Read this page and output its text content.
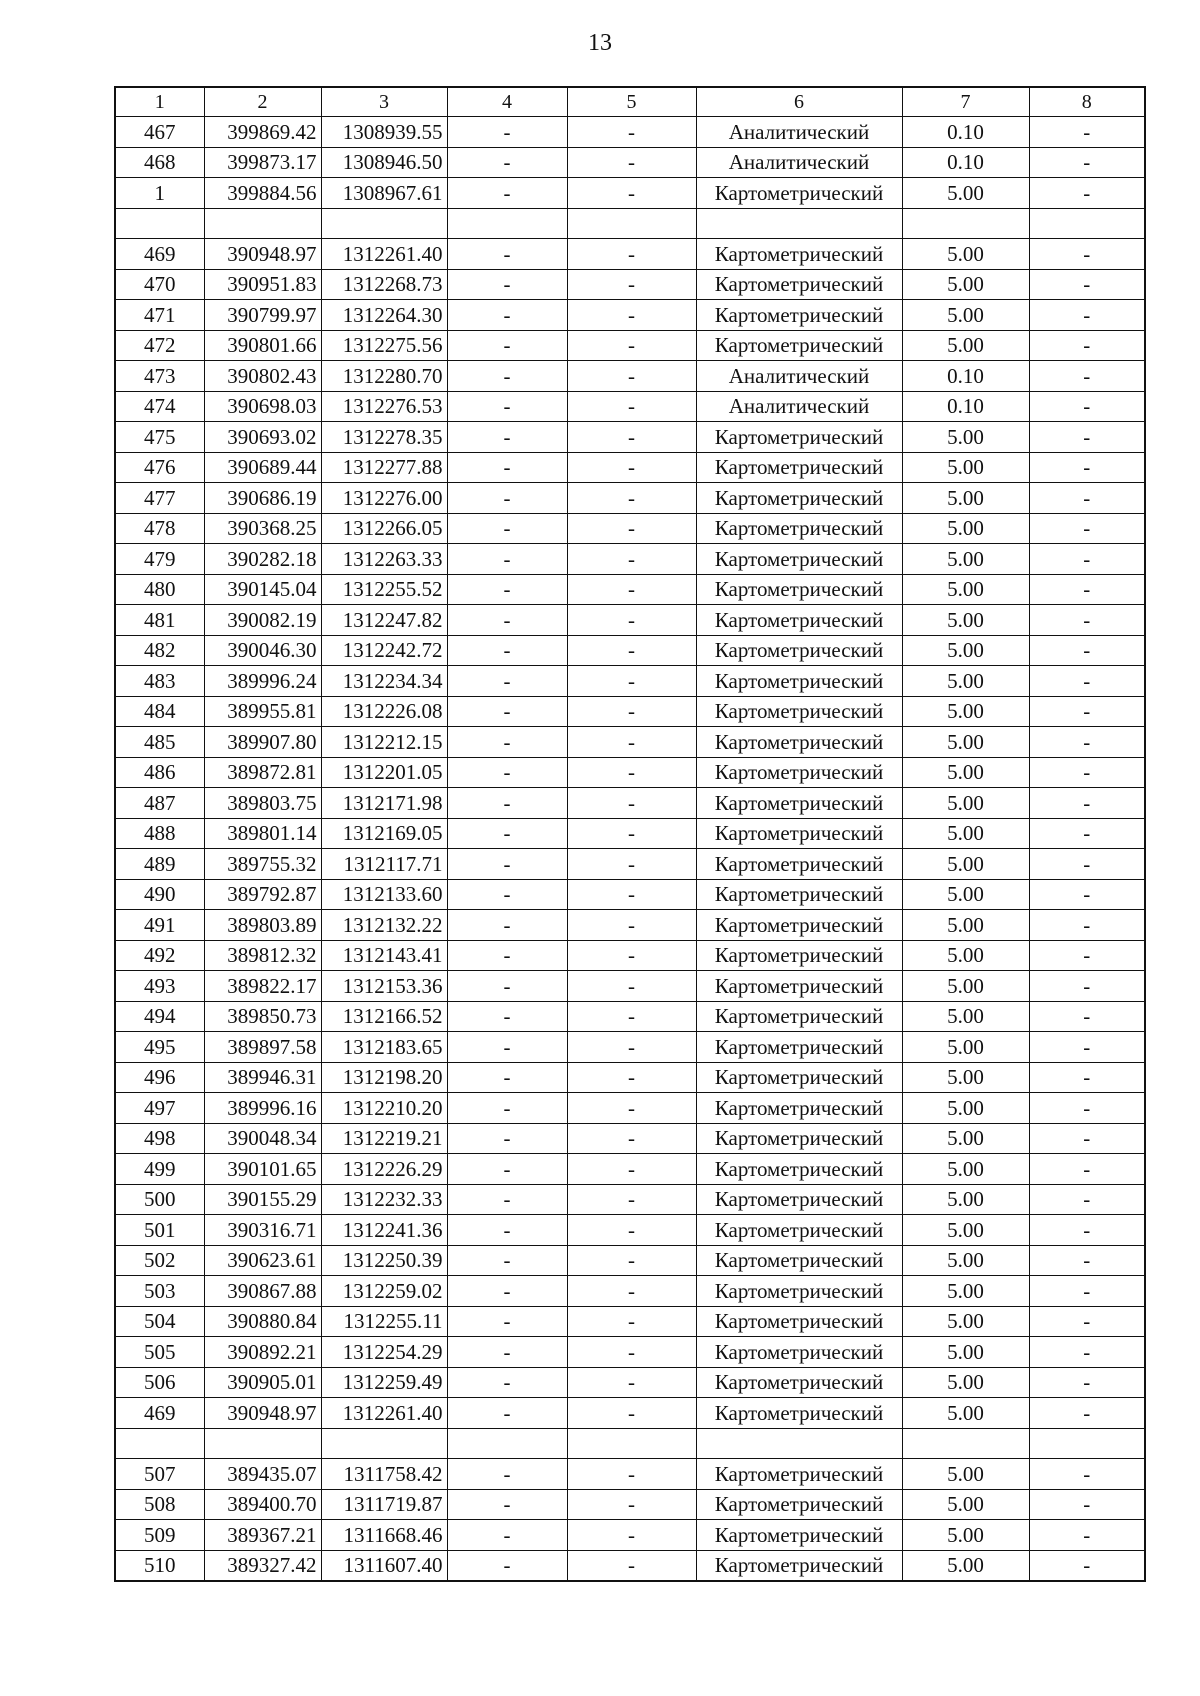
13
1	2	3	4	5	6	7	8
467	399869.42	1308939.55	-	-	Аналитический	0.10	-
468	399873.17	1308946.50	-	-	Аналитический	0.10	-
1	399884.56	1308967.61	-	-	Картометрический	5.00	-

469	390948.97	1312261.40	-	-	Картометрический	5.00	-
470	390951.83	1312268.73	-	-	Картометрический	5.00	-
471	390799.97	1312264.30	-	-	Картометрический	5.00	-
472	390801.66	1312275.56	-	-	Картометрический	5.00	-
473	390802.43	1312280.70	-	-	Аналитический	0.10	-
474	390698.03	1312276.53	-	-	Аналитический	0.10	-
475	390693.02	1312278.35	-	-	Картометрический	5.00	-
476	390689.44	1312277.88	-	-	Картометрический	5.00	-
477	390686.19	1312276.00	-	-	Картометрический	5.00	-
478	390368.25	1312266.05	-	-	Картометрический	5.00	-
479	390282.18	1312263.33	-	-	Картометрический	5.00	-
480	390145.04	1312255.52	-	-	Картометрический	5.00	-
481	390082.19	1312247.82	-	-	Картометрический	5.00	-
482	390046.30	1312242.72	-	-	Картометрический	5.00	-
483	389996.24	1312234.34	-	-	Картометрический	5.00	-
484	389955.81	1312226.08	-	-	Картометрический	5.00	-
485	389907.80	1312212.15	-	-	Картометрический	5.00	-
486	389872.81	1312201.05	-	-	Картометрический	5.00	-
487	389803.75	1312171.98	-	-	Картометрический	5.00	-
488	389801.14	1312169.05	-	-	Картометрический	5.00	-
489	389755.32	1312117.71	-	-	Картометрический	5.00	-
490	389792.87	1312133.60	-	-	Картометрический	5.00	-
491	389803.89	1312132.22	-	-	Картометрический	5.00	-
492	389812.32	1312143.41	-	-	Картометрический	5.00	-
493	389822.17	1312153.36	-	-	Картометрический	5.00	-
494	389850.73	1312166.52	-	-	Картометрический	5.00	-
495	389897.58	1312183.65	-	-	Картометрический	5.00	-
496	389946.31	1312198.20	-	-	Картометрический	5.00	-
497	389996.16	1312210.20	-	-	Картометрический	5.00	-
498	390048.34	1312219.21	-	-	Картометрический	5.00	-
499	390101.65	1312226.29	-	-	Картометрический	5.00	-
500	390155.29	1312232.33	-	-	Картометрический	5.00	-
501	390316.71	1312241.36	-	-	Картометрический	5.00	-
502	390623.61	1312250.39	-	-	Картометрический	5.00	-
503	390867.88	1312259.02	-	-	Картометрический	5.00	-
504	390880.84	1312255.11	-	-	Картометрический	5.00	-
505	390892.21	1312254.29	-	-	Картометрический	5.00	-
506	390905.01	1312259.49	-	-	Картометрический	5.00	-
469	390948.97	1312261.40	-	-	Картометрический	5.00	-

507	389435.07	1311758.42	-	-	Картометрический	5.00	-
508	389400.70	1311719.87	-	-	Картометрический	5.00	-
509	389367.21	1311668.46	-	-	Картометрический	5.00	-
510	389327.42	1311607.40	-	-	Картометрический	5.00	-
